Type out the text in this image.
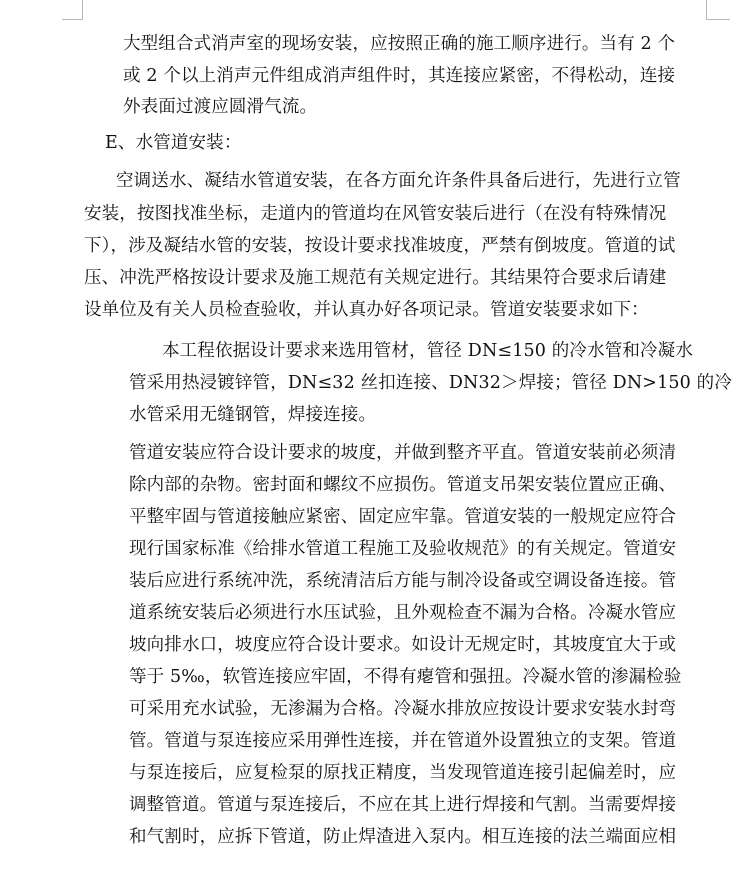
大型组合式消声室的现场安装，应按照正确的施工顺序进行。当有 2 个
或 2 个以上消声元件组成消声组件时，其连接应紧密，不得松动，连接
外表面过渡应圆滑气流。
E、水管道安装：
空调送水、凝结水管道安装，在各方面允许条件具备后进行，先进行立管
安装，按图找准坐标，走道内的管道均在风管安装后进行（在没有特殊情况
下），涉及凝结水管的安装，按设计要求找准坡度，严禁有倒坡度。管道的试
压、冲洗严格按设计要求及施工规范有关规定进行。其结果符合要求后请建
设单位及有关人员检查验收，并认真办好各项记录。管道安装要求如下：
本工程依据设计要求来选用管材，管径 DN≤150 的冷水管和冷凝水
管采用热浸镀锌管，DN≤32 丝扣连接、DN32＞焊接；管径 DN>150 的冷
水管采用无缝钢管，焊接连接。
管道安装应符合设计要求的坡度，并做到整齐平直。管道安装前必须清
除内部的杂物。密封面和螺纹不应损伤。管道支吊架安装位置应正确、
平整牢固与管道接触应紧密、固定应牢靠。管道安装的一般规定应符合
现行国家标准《给排水管道工程施工及验收规范》的有关规定。管道安
装后应进行系统冲洗，系统清洁后方能与制冷设备或空调设备连接。管
道系统安装后必须进行水压试验，且外观检查不漏为合格。冷凝水管应
坡向排水口，坡度应符合设计要求。如设计无规定时，其坡度宜大于或
等于 5‰，软管连接应牢固，不得有瘪管和强扭。冷凝水管的渗漏检验
可采用充水试验，无渗漏为合格。冷凝水排放应按设计要求安装水封弯
管。管道与泵连接应采用弹性连接，并在管道外设置独立的支架。管道
与泵连接后，应复检泵的原找正精度，当发现管道连接引起偏差时，应
调整管道。管道与泵连接后，不应在其上进行焊接和气割。当需要焊接
和气割时，应拆下管道，防止焊渣进入泵内。相互连接的法兰端面应相
